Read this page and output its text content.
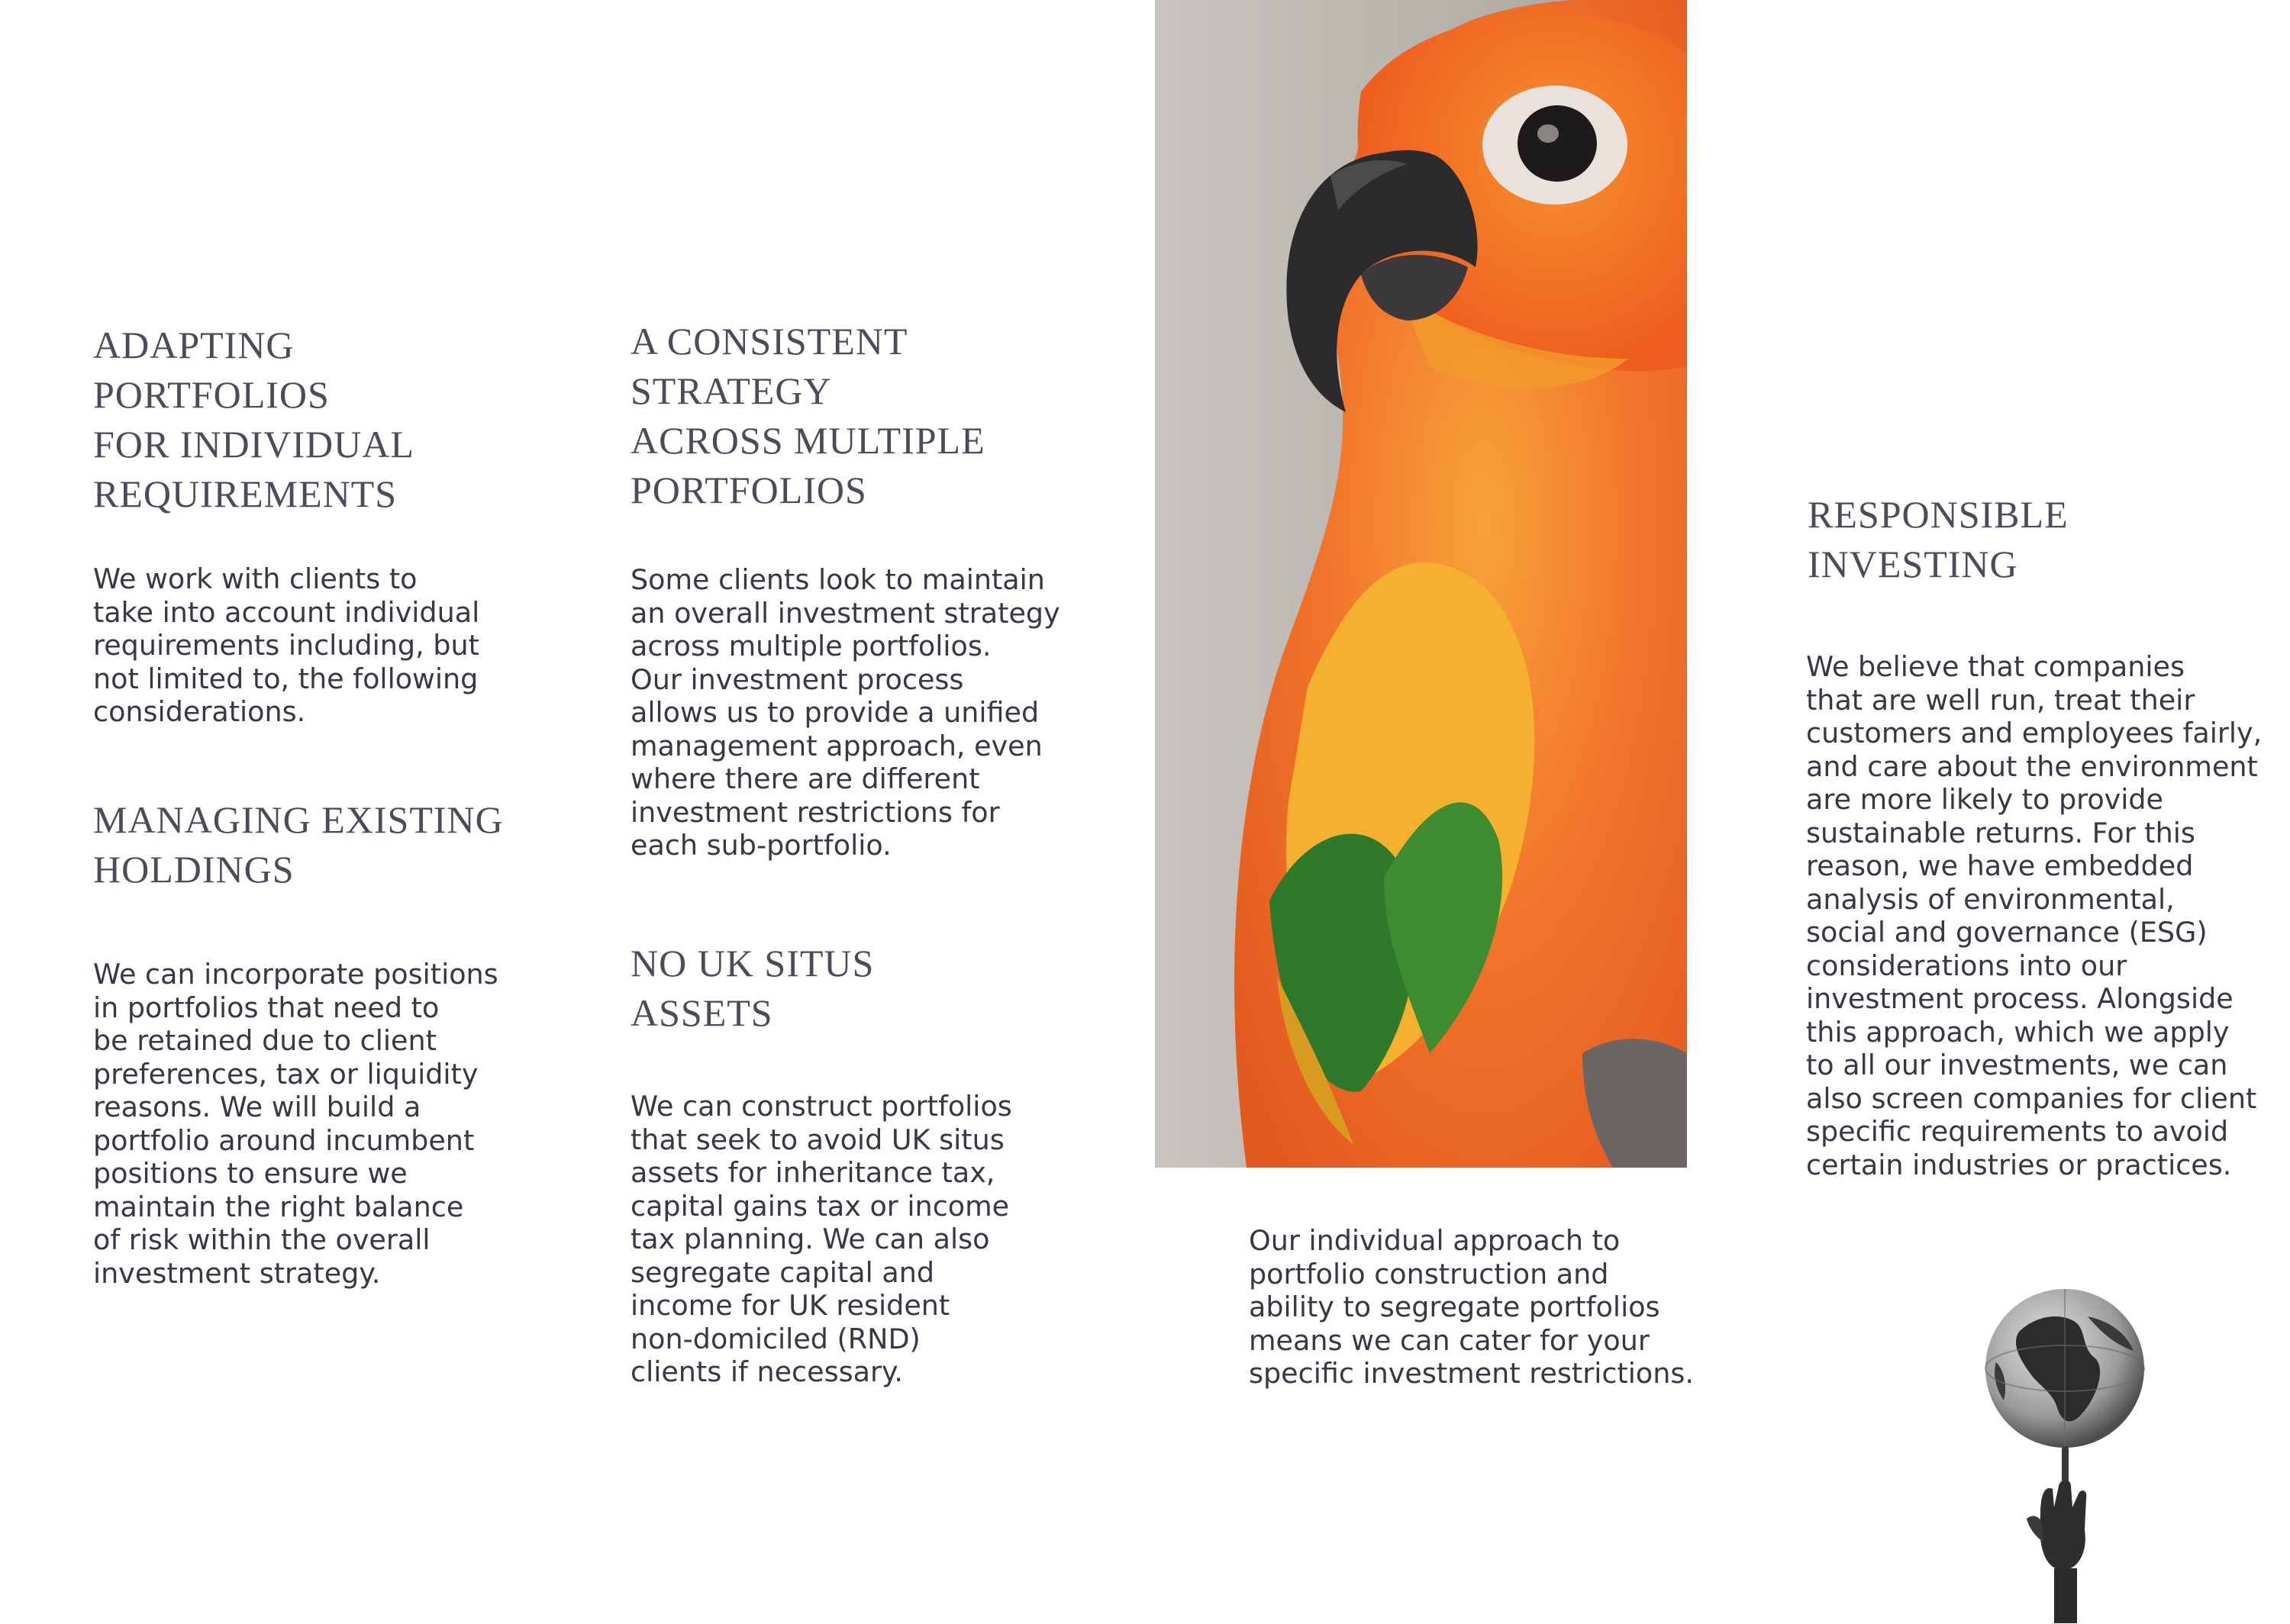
ADAPTING
PORTFOLIOS
FOR INDIVIDUAL
REQUIREMENTS

We work with clients to
take into account individual
requirements including, but
not limited to, the following
considerations.

MANAGING EXISTING
HOLDINGS

We can incorporate positions
in portfolios that need to
be retained due to client
preferences, tax or liquidity
reasons. We will build a
portfolio around incumbent
positions to ensure we
maintain the right balance
of risk within the overall
investment strategy.

A CONSISTENT
STRATEGY
ACROSS MULTIPLE
PORTFOLIOS

Some clients look to maintain
an overall investment strategy
across multiple portfolios.
Our investment process
allows us to provide a unified
management approach, even
where there are different
investment restrictions for
each sub-portfolio.

NO UK SITUS
ASSETS

We can construct portfolios
that seek to avoid UK situs
assets for inheritance tax,
capital gains tax or income
tax planning. We can also
segregate capital and
income for UK resident
non-domiciled (RND)
clients if necessary.

Our individual approach to
portfolio construction and
ability to segregate portfolios
means we can cater for your
specific investment restrictions.

RESPONSIBLE
INVESTING

We believe that companies
that are well run, treat their
customers and employees fairly,
and care about the environment
are more likely to provide
sustainable returns. For this
reason, we have embedded
analysis of environmental,
social and governance (ESG)
considerations into our
investment process. Alongside
this approach, which we apply
to all our investments, we can
also screen companies for client
specific requirements to avoid
certain industries or practices.
